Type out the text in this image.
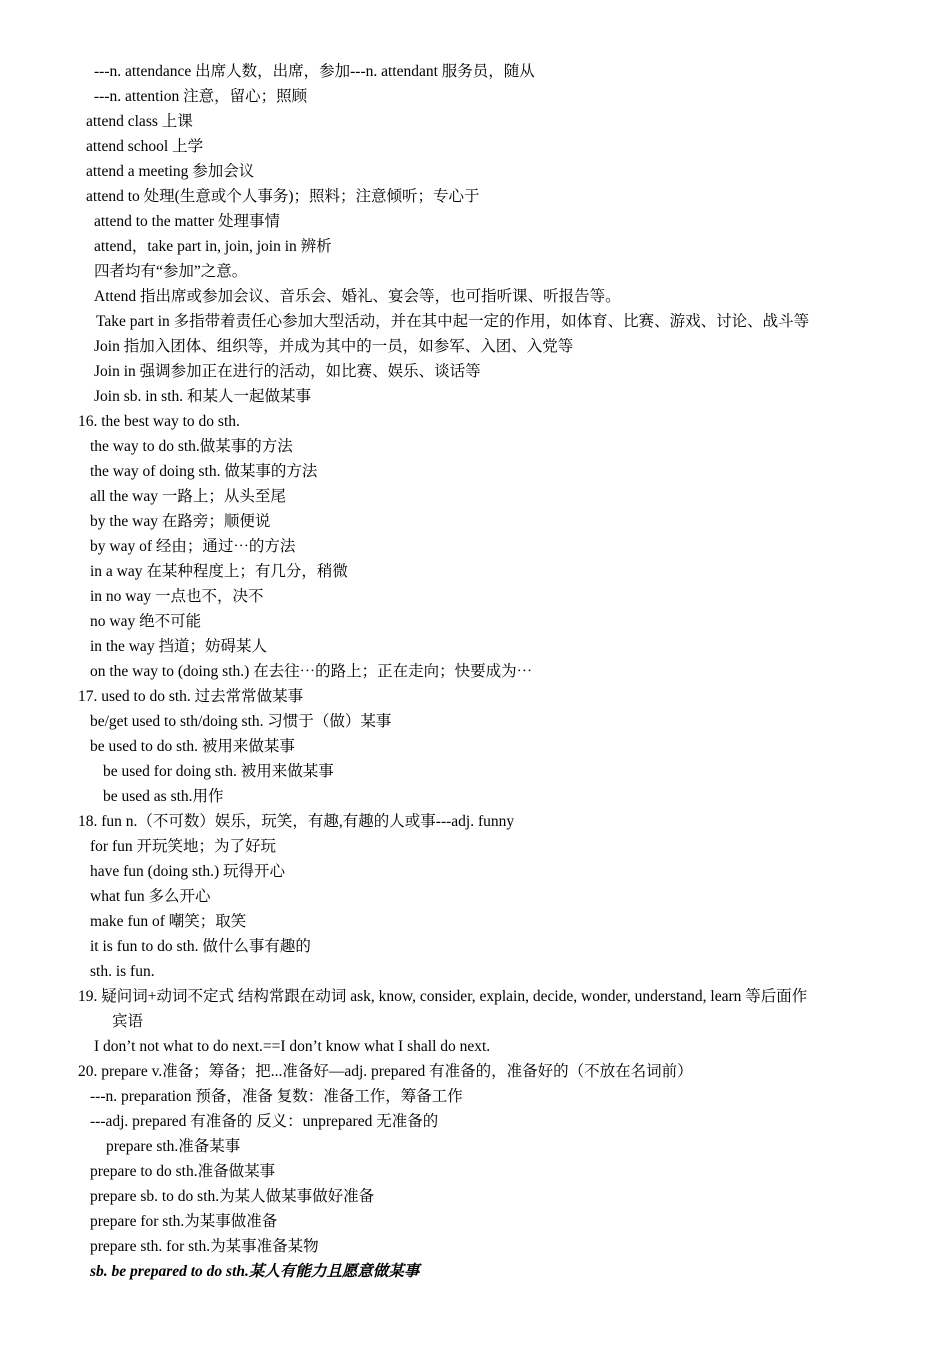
---n. attendance 出席人数，出席，参加---n. attendant 服务员，随从
---n. attention 注意，留心；照顾
attend class 上课
attend school 上学
attend a meeting 参加会议
attend to 处理(生意或个人事务)；照料；注意倾听；专心于
attend to the matter 处理事情
attend，take part in, join, join in 辨析
四者均有“参加”之意。
Attend 指出席或参加会议、音乐会、婚礼、宴会等，也可指听课、听报告等。
Take part in 多指带着责任心参加大型活动，并在其中起一定的作用，如体育、比赛、游戏、讨论、战斗等
Join 指加入团体、组织等，并成为其中的一员，如参军、入团、入党等
Join in 强调参加正在进行的活动，如比赛、娱乐、谈话等
Join sb. in sth. 和某人一起做某事
16. the best way to do sth.
the way to do sth.做某事的方法
the way of doing sth. 做某事的方法
all the way 一路上；从头至尾
by the way 在路旁；顺便说
by way of 经由；通过⋯的方法
in a way 在某种程度上；有几分，稍微
in no way 一点也不，决不
no way 绝不可能
in the way 挡道；妨碍某人
on the way to (doing sth.) 在去往⋯的路上；正在走向；快要成为⋯
17. used to do sth. 过去常常做某事
be/get used to sth/doing sth. 习惯于（做）某事
be used to do sth. 被用来做某事
be used for doing sth. 被用来做某事
be used as sth.用作
18. fun n.（不可数）娱乐，玩笑，有趣,有趣的人或事---adj. funny
for fun 开玩笑地；为了好玩
have fun (doing sth.) 玩得开心
what fun 多么开心
make fun of 嘲笑；取笑
it is fun to do sth. 做什么事有趣的
sth. is fun.
19. 疑问词+动词不定式 结构常跟在动词 ask, know, consider, explain, decide, wonder, understand, learn 等后面作
宾语
I don’t not what to do next.==I don’t know what I shall do next.
20. prepare v.准备；筹备；把...准备好—adj. prepared 有准备的，准备好的（不放在名词前）
---n. preparation 预备，准备 复数：准备工作，筹备工作
---adj. prepared 有准备的 反义：unprepared 无准备的
prepare sth.准备某事
prepare to do sth.准备做某事
prepare sb. to do sth.为某人做某事做好准备
prepare for sth.为某事做准备
prepare sth. for sth.为某事准备某物
sb. be prepared to do sth.某人有能力且愿意做某事
